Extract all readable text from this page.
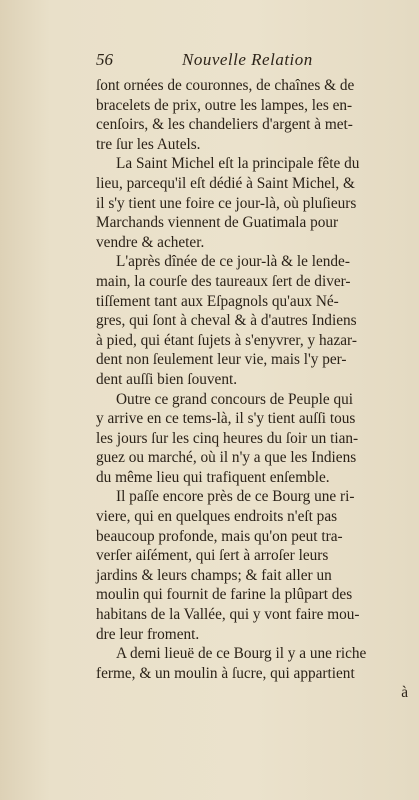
56	Nouvelle Relation
ſont ornées de couronnes, de chaînes & de
bracelets de prix, outre les lampes, les en-
cenſoirs, & les chandeliers d'argent à met-
tre ſur les Autels.
La Saint Michel eſt la principale fête du
lieu, parcequ'il eſt dédié à Saint Michel, &
il s'y tient une foire ce jour-là, où pluſieurs
Marchands viennent de Guatimala pour
vendre & acheter.
L'après dînée de ce jour-là & le lende-
main, la courſe des taureaux ſert de diver-
tiſſement tant aux Eſpagnols qu'aux Né-
gres, qui ſont à cheval & à d'autres Indiens
à pied, qui étant ſujets à s'enyvrer, y hazar-
dent non ſeulement leur vie, mais l'y per-
dent auſſi bien ſouvent.
Outre ce grand concours de Peuple qui
y arrive en ce tems-là, il s'y tient auſſi tous
les jours ſur les cinq heures du ſoir un tian-
guez ou marché, où il n'y a que les Indiens
du même lieu qui trafiquent enſemble.
Il paſſe encore près de ce Bourg une ri-
viere, qui en quelques endroits n'eſt pas
beaucoup profonde, mais qu'on peut tra-
verſer aiſément, qui ſert à arroſer leurs
jardins & leurs champs; & fait aller un
moulin qui fournit de farine la plûpart des
habitans de la Vallée, qui y vont faire mou-
dre leur froment.
A demi lieuë de ce Bourg il y a une riche
ferme, & un moulin à ſucre, qui appartient
à
